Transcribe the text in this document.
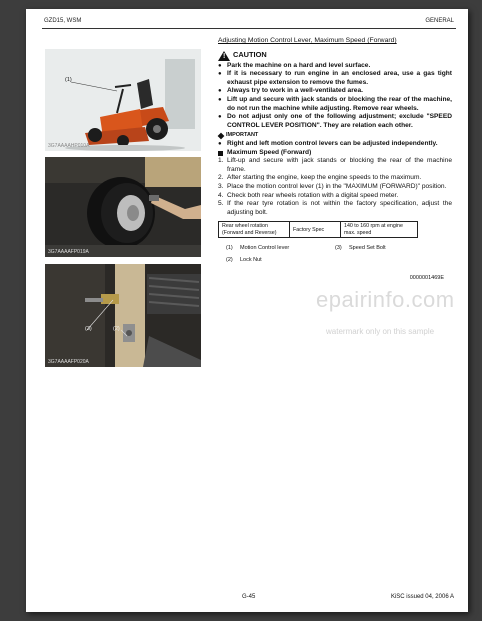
GZD15, WSM	GENERAL
(1)
3G7AAAAHP010A
3G7AAAAFP019A
(3)	(2)
3G7AAAAFP020A
Adjusting Motion Control Lever, Maximum Speed (Forward)
! CAUTION
● Park the machine on a hard and level surface.
● If it is necessary to run engine in an enclosed area, use a gas tight exhaust pipe extension to remove the fumes.
● Always try to work in a well-ventilated area.
● Lift up and secure with jack stands or blocking the rear of the machine, do not run the machine while adjusting. Remove rear wheels.
● Do not adjust only one of the following adjustment; exclude "SPEED CONTROL LEVER POSITION". They are relation each other.
IMPORTANT
● Right and left motion control levers can be adjusted independently.
Maximum Speed (Forward)
1. Lift-up and secure with jack stands or blocking the rear of the machine frame.
2. After starting the engine, keep the engine speeds to the maximum.
3. Place the motion control lever (1) in the "MAXIMUM (FORWARD)" position.
4. Check both rear wheels rotation with a digital speed meter.
5. If the rear tyre rotation is not within the factory specification, adjust the adjusting bolt.
Rear wheel rotation (Forward and Reverse)	Factory Spec	140 to 160 rpm at engine max. speed
(1)	Motion Control lever	(3)	Speed Set Bolt
(2)	Lock Nut
0000001469E
epairinfo.com
watermark only on this sample
G-45	KiSC issued 04, 2006 A
